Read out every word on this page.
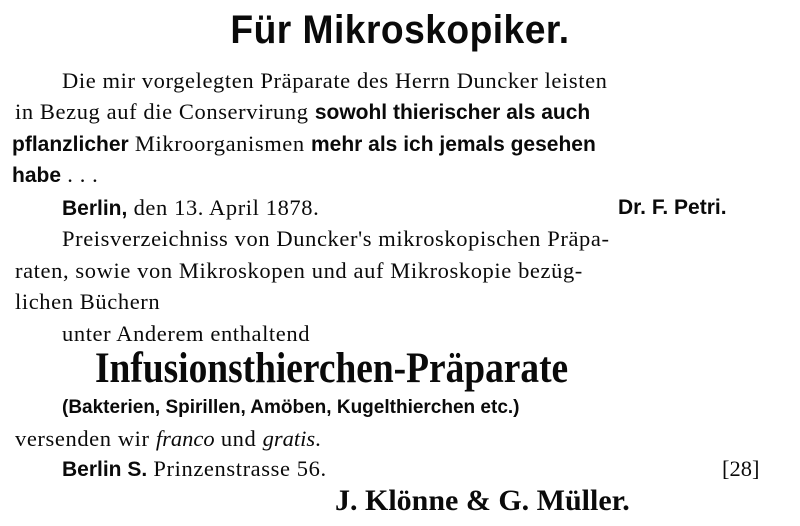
Für Mikroskopiker.
Die mir vorgelegten Präparate des Herrn Duncker leisten
in Bezug auf die Conservirung sowohl thierischer als auch
pflanzlicher Mikroorganismen mehr als ich jemals gesehen
habe . . .
Berlin, den 13. April 1878.	Dr. F. Petri.
Preisverzeichniss von Duncker's mikroskopischen Präpa-
raten, sowie von Mikroskopen und auf Mikroskopie bezüg-
lichen Büchern
unter Anderem enthaltend
Infusionsthierchen-Präparate
(Bakterien, Spirillen, Amöben, Kugelthierchen etc.)
versenden wir franco und gratis.
Berlin S. Prinzenstrasse 56.	[28]
J. Klönne & G. Müller.
